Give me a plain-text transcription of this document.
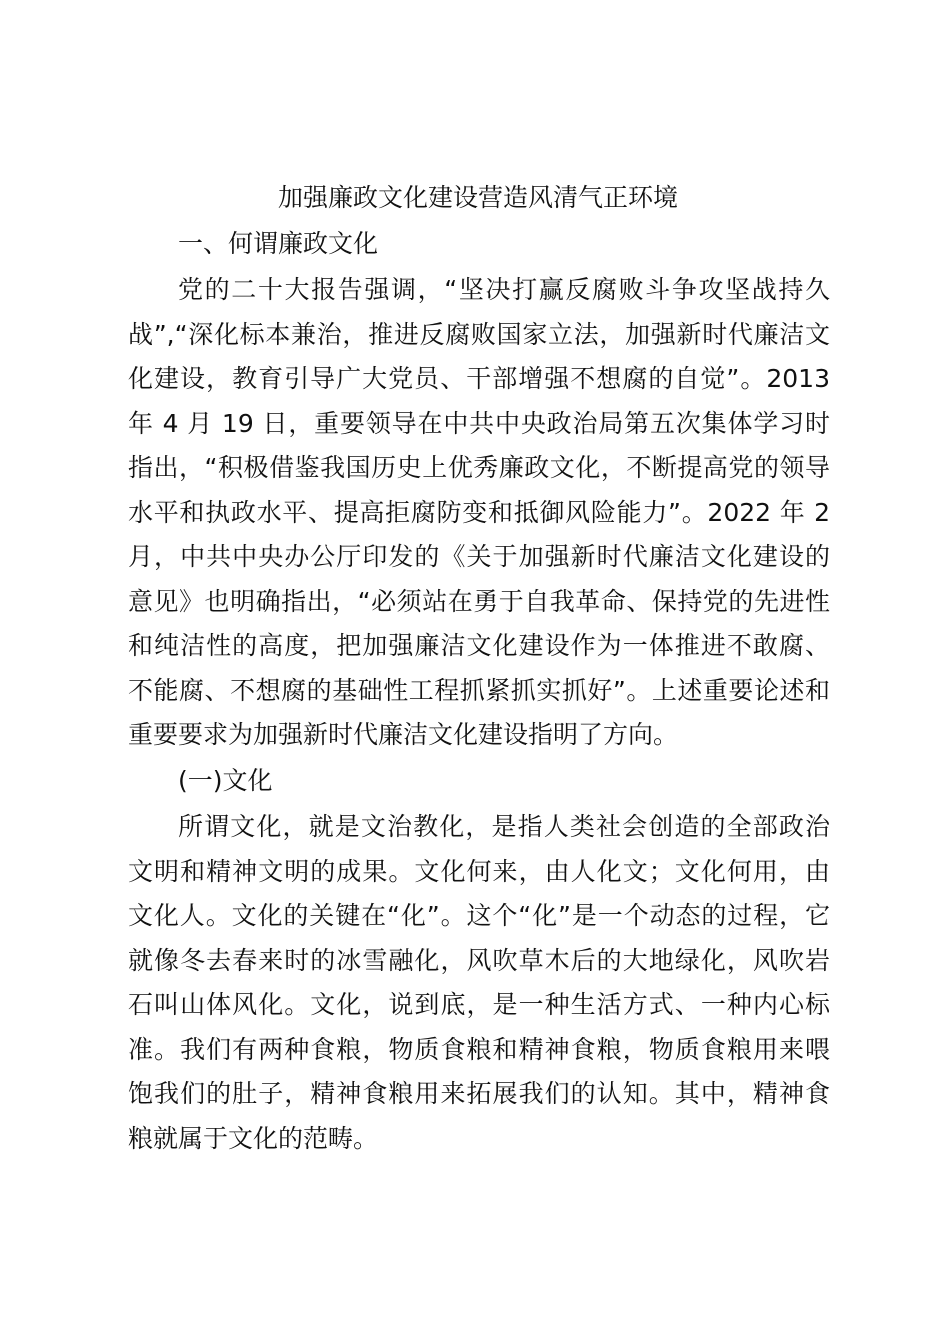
加强廉政文化建设营造风清气正环境
一、何谓廉政文化
党的二十大报告强调，“坚决打赢反腐败斗争攻坚战持久
战”,“深化标本兼治，推进反腐败国家立法，加强新时代廉洁文
化建设，教育引导广大党员、干部增强不想腐的自觉”。2013
年 4 月 19 日，重要领导在中共中央政治局第五次集体学习时
指出，“积极借鉴我国历史上优秀廉政文化，不断提高党的领导
水平和执政水平、提高拒腐防变和抵御风险能力”。2022 年 2
月，中共中央办公厅印发的《关于加强新时代廉洁文化建设的
意见》也明确指出，“必须站在勇于自我革命、保持党的先进性
和纯洁性的高度，把加强廉洁文化建设作为一体推进不敢腐、
不能腐、不想腐的基础性工程抓紧抓实抓好”。上述重要论述和
重要要求为加强新时代廉洁文化建设指明了方向。
(一)文化
所谓文化，就是文治教化，是指人类社会创造的全部政治
文明和精神文明的成果。文化何来，由人化文；文化何用，由
文化人。文化的关键在“化”。这个“化”是一个动态的过程，它
就像冬去春来时的冰雪融化，风吹草木后的大地绿化，风吹岩
石叫山体风化。文化，说到底，是一种生活方式、一种内心标
准。我们有两种食粮，物质食粮和精神食粮，物质食粮用来喂
饱我们的肚子，精神食粮用来拓展我们的认知。其中，精神食
粮就属于文化的范畴。
